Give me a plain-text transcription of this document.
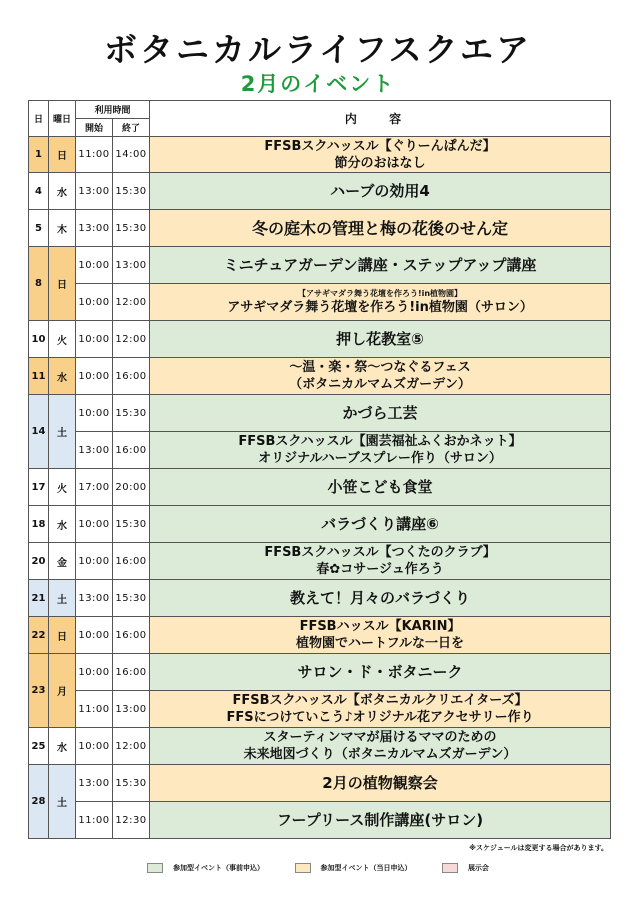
ボタニカルライフスクエア
2月のイベント
日	曜日	利用時間		内 容
		開始	終了	
1	日	11:00	14:00	FFSBスクハッスル【ぐりーんぱんだ】
節分のおはなし

4	水	13:00	15:30	ハーブの効用4

5	木	13:00	15:30	冬の庭木の管理と梅の花後のせん定

8	日	10:00	13:00	ミニチュアガーデン講座・ステップアップ講座

		10:00	12:00	【アサギマダラ舞う花壇を作ろう!in植物園】
アサギマダラ舞う花壇を作ろう!in植物園（サロン）

10	火	10:00	12:00	押し花教室⑤

11	水	10:00	16:00	～温・楽・祭～つなぐるフェス
（ボタニカルマムズガーデン）

14	土	10:00	15:30	かづら工芸

		13:00	16:00	FFSBスクハッスル【園芸福祉ふくおかネット】
オリジナルハーブスプレー作り（サロン）

17	火	17:00	20:00	小笹こども食堂

18	水	10:00	15:30	バラづくり講座⑥

20	金	10:00	16:00	FFSBスクハッスル【つくたのクラブ】
春✿コサージュ作ろう

21	土	13:00	15:30	教えて！月々のバラづくり

22	日	10:00	16:00	FFSBハッスル【KARIN】
植物園でハートフルな一日を

23	月	10:00	16:00	サロン・ド・ボタニーク

		11:00	13:00	FFSBスクハッスル【ボタニカルクリエイターズ】
FFSにつけていこう♪オリジナル花アクセサリー作り

25	水	10:00	12:00	スターティンママが届けるママのための
未来地図づくり（ボタニカルマムズガーデン）

28	土	13:00	15:30	2月の植物観察会

		11:00	12:30	フープリース制作講座(サロン)
※スケジュールは変更する場合があります。
参加型イベント（事前申込）	参加型イベント（当日申込）	展示会
